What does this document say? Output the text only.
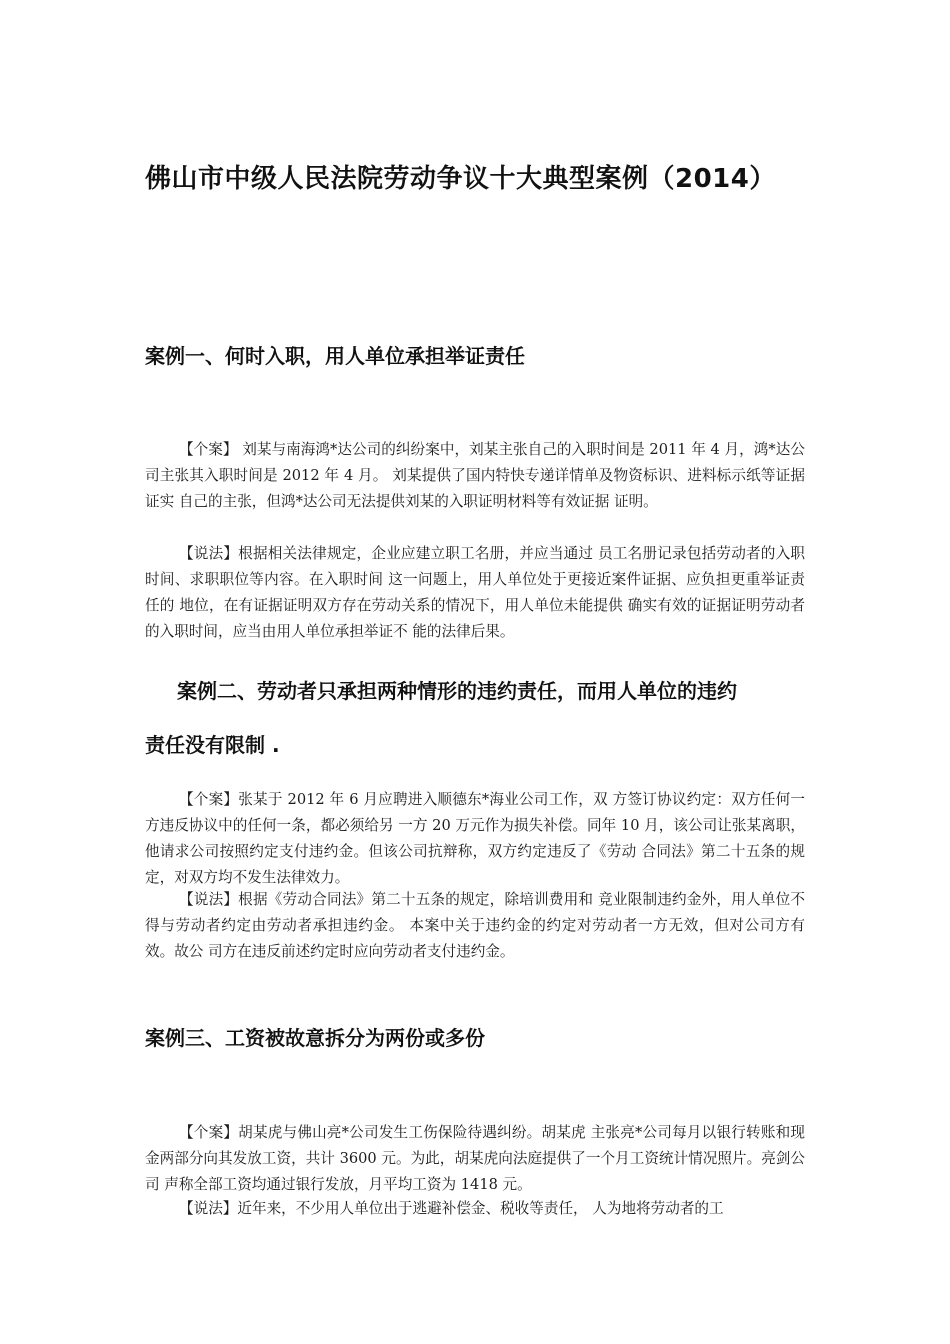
佛山市中级人民法院劳动争议十大典型案例（2014）
案例一、何时入职，用人单位承担举证责任

【个案】 刘某与南海鸿*达公司的纠纷案中，刘某主张自己的入职时间是 2011 年 4 月，鸿*达公司主张其入职时间是 2012 年 4 月。 刘某提供了国内特快专递详情单及物资标识、进料标示纸等证据证实 自己的主张，但鸿*达公司无法提供刘某的入职证明材料等有效证据 证明。

【说法】根据相关法律规定，企业应建立职工名册，并应当通过 员工名册记录包括劳动者的入职时间、求职职位等内容。在入职时间 这一问题上，用人单位处于更接近案件证据、应负担更重举证责任的 地位，在有证据证明双方存在劳动关系的情况下，用人单位未能提供 确实有效的证据证明劳动者的入职时间，应当由用人单位承担举证不 能的法律后果。

案例二、劳动者只承担两种情形的违约责任，而用人单位的违约
责任没有限制 .

【个案】张某于 2012 年 6 月应聘进入顺德东*海业公司工作，双 方签订协议约定：双方任何一方违反协议中的任何一条，都必须给另 一方 20 万元作为损失补偿。同年 10 月，该公司让张某离职，他请求公司按照约定支付违约金。但该公司抗辩称，双方约定违反了《劳动 合同法》第二十五条的规定，对双方均不发生法律效力。

【说法】根据《劳动合同法》第二十五条的规定，除培训费用和 竞业限制违约金外，用人单位不得与劳动者约定由劳动者承担违约金。 本案中关于违约金的约定对劳动者一方无效，但对公司方有效。故公 司方在违反前述约定时应向劳动者支付违约金。

案例三、工资被故意拆分为两份或多份

【个案】胡某虎与佛山亮*公司发生工伤保险待遇纠纷。胡某虎 主张亮*公司每月以银行转账和现金两部分向其发放工资，共计 3600 元。为此，胡某虎向法庭提供了一个月工资统计情况照片。亮剑公司 声称全部工资均通过银行发放，月平均工资为 1418 元。

【说法】近年来，不少用人单位出于逃避补偿金、税收等责任， 人为地将劳动者的工
